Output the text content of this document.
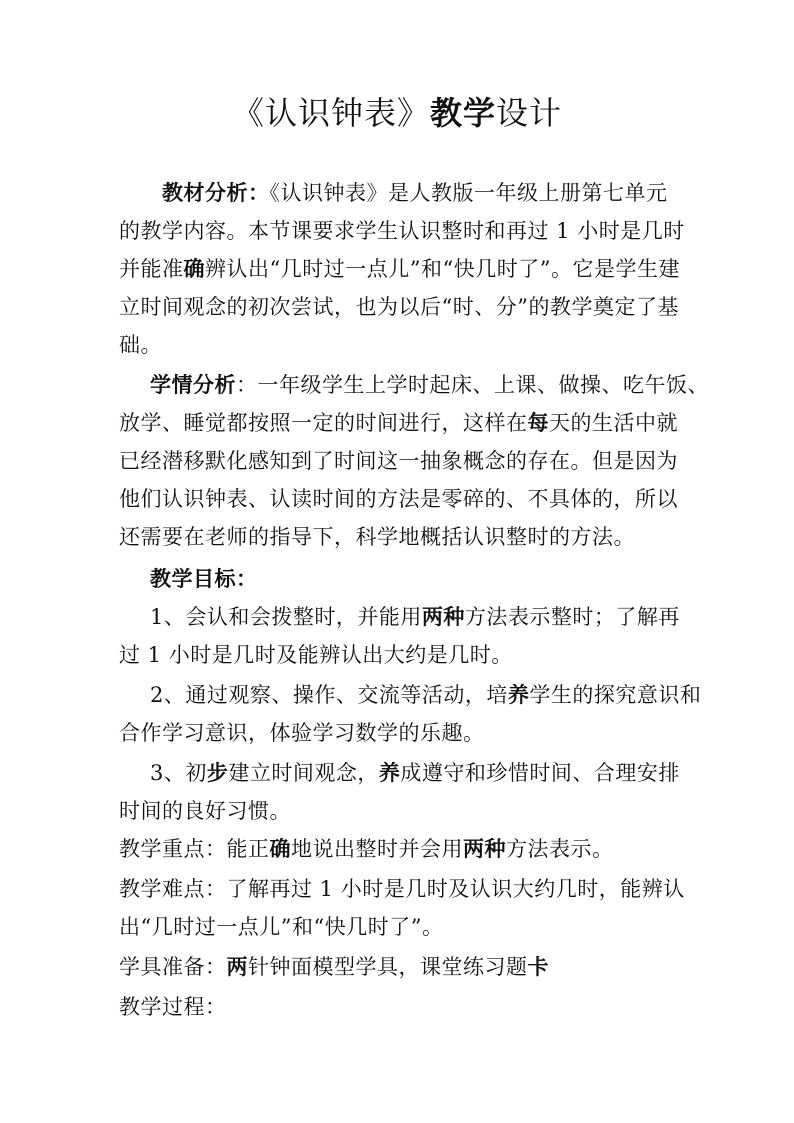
《认识钟表》教学设计
教材分析：《认识钟表》是人教版一年级上册第七单元
的教学内容。本节课要求学生认识整时和再过 1 小时是几时
并能准确辨认出“几时过一点儿”和“快几时了”。它是学生建
立时间观念的初次尝试，也为以后“时、分”的教学奠定了基
础。
学情分析：一年级学生上学时起床、上课、做操、吃午饭、
放学、睡觉都按照一定的时间进行，这样在每天的生活中就
已经潜移默化感知到了时间这一抽象概念的存在。但是因为
他们认识钟表、认读时间的方法是零碎的、不具体的，所以
还需要在老师的指导下，科学地概括认识整时的方法。
教学目标：
1、会认和会拨整时，并能用两种方法表示整时；了解再
过 1 小时是几时及能辨认出大约是几时。
2、通过观察、操作、交流等活动，培养学生的探究意识和
合作学习意识，体验学习数学的乐趣。
3、初步建立时间观念，养成遵守和珍惜时间、合理安排
时间的良好习惯。
教学重点：能正确地说出整时并会用两种方法表示。
教学难点：了解再过 1 小时是几时及认识大约几时，能辨认
出“几时过一点儿”和“快几时了”。
学具准备：两针钟面模型学具，课堂练习题卡
教学过程：
